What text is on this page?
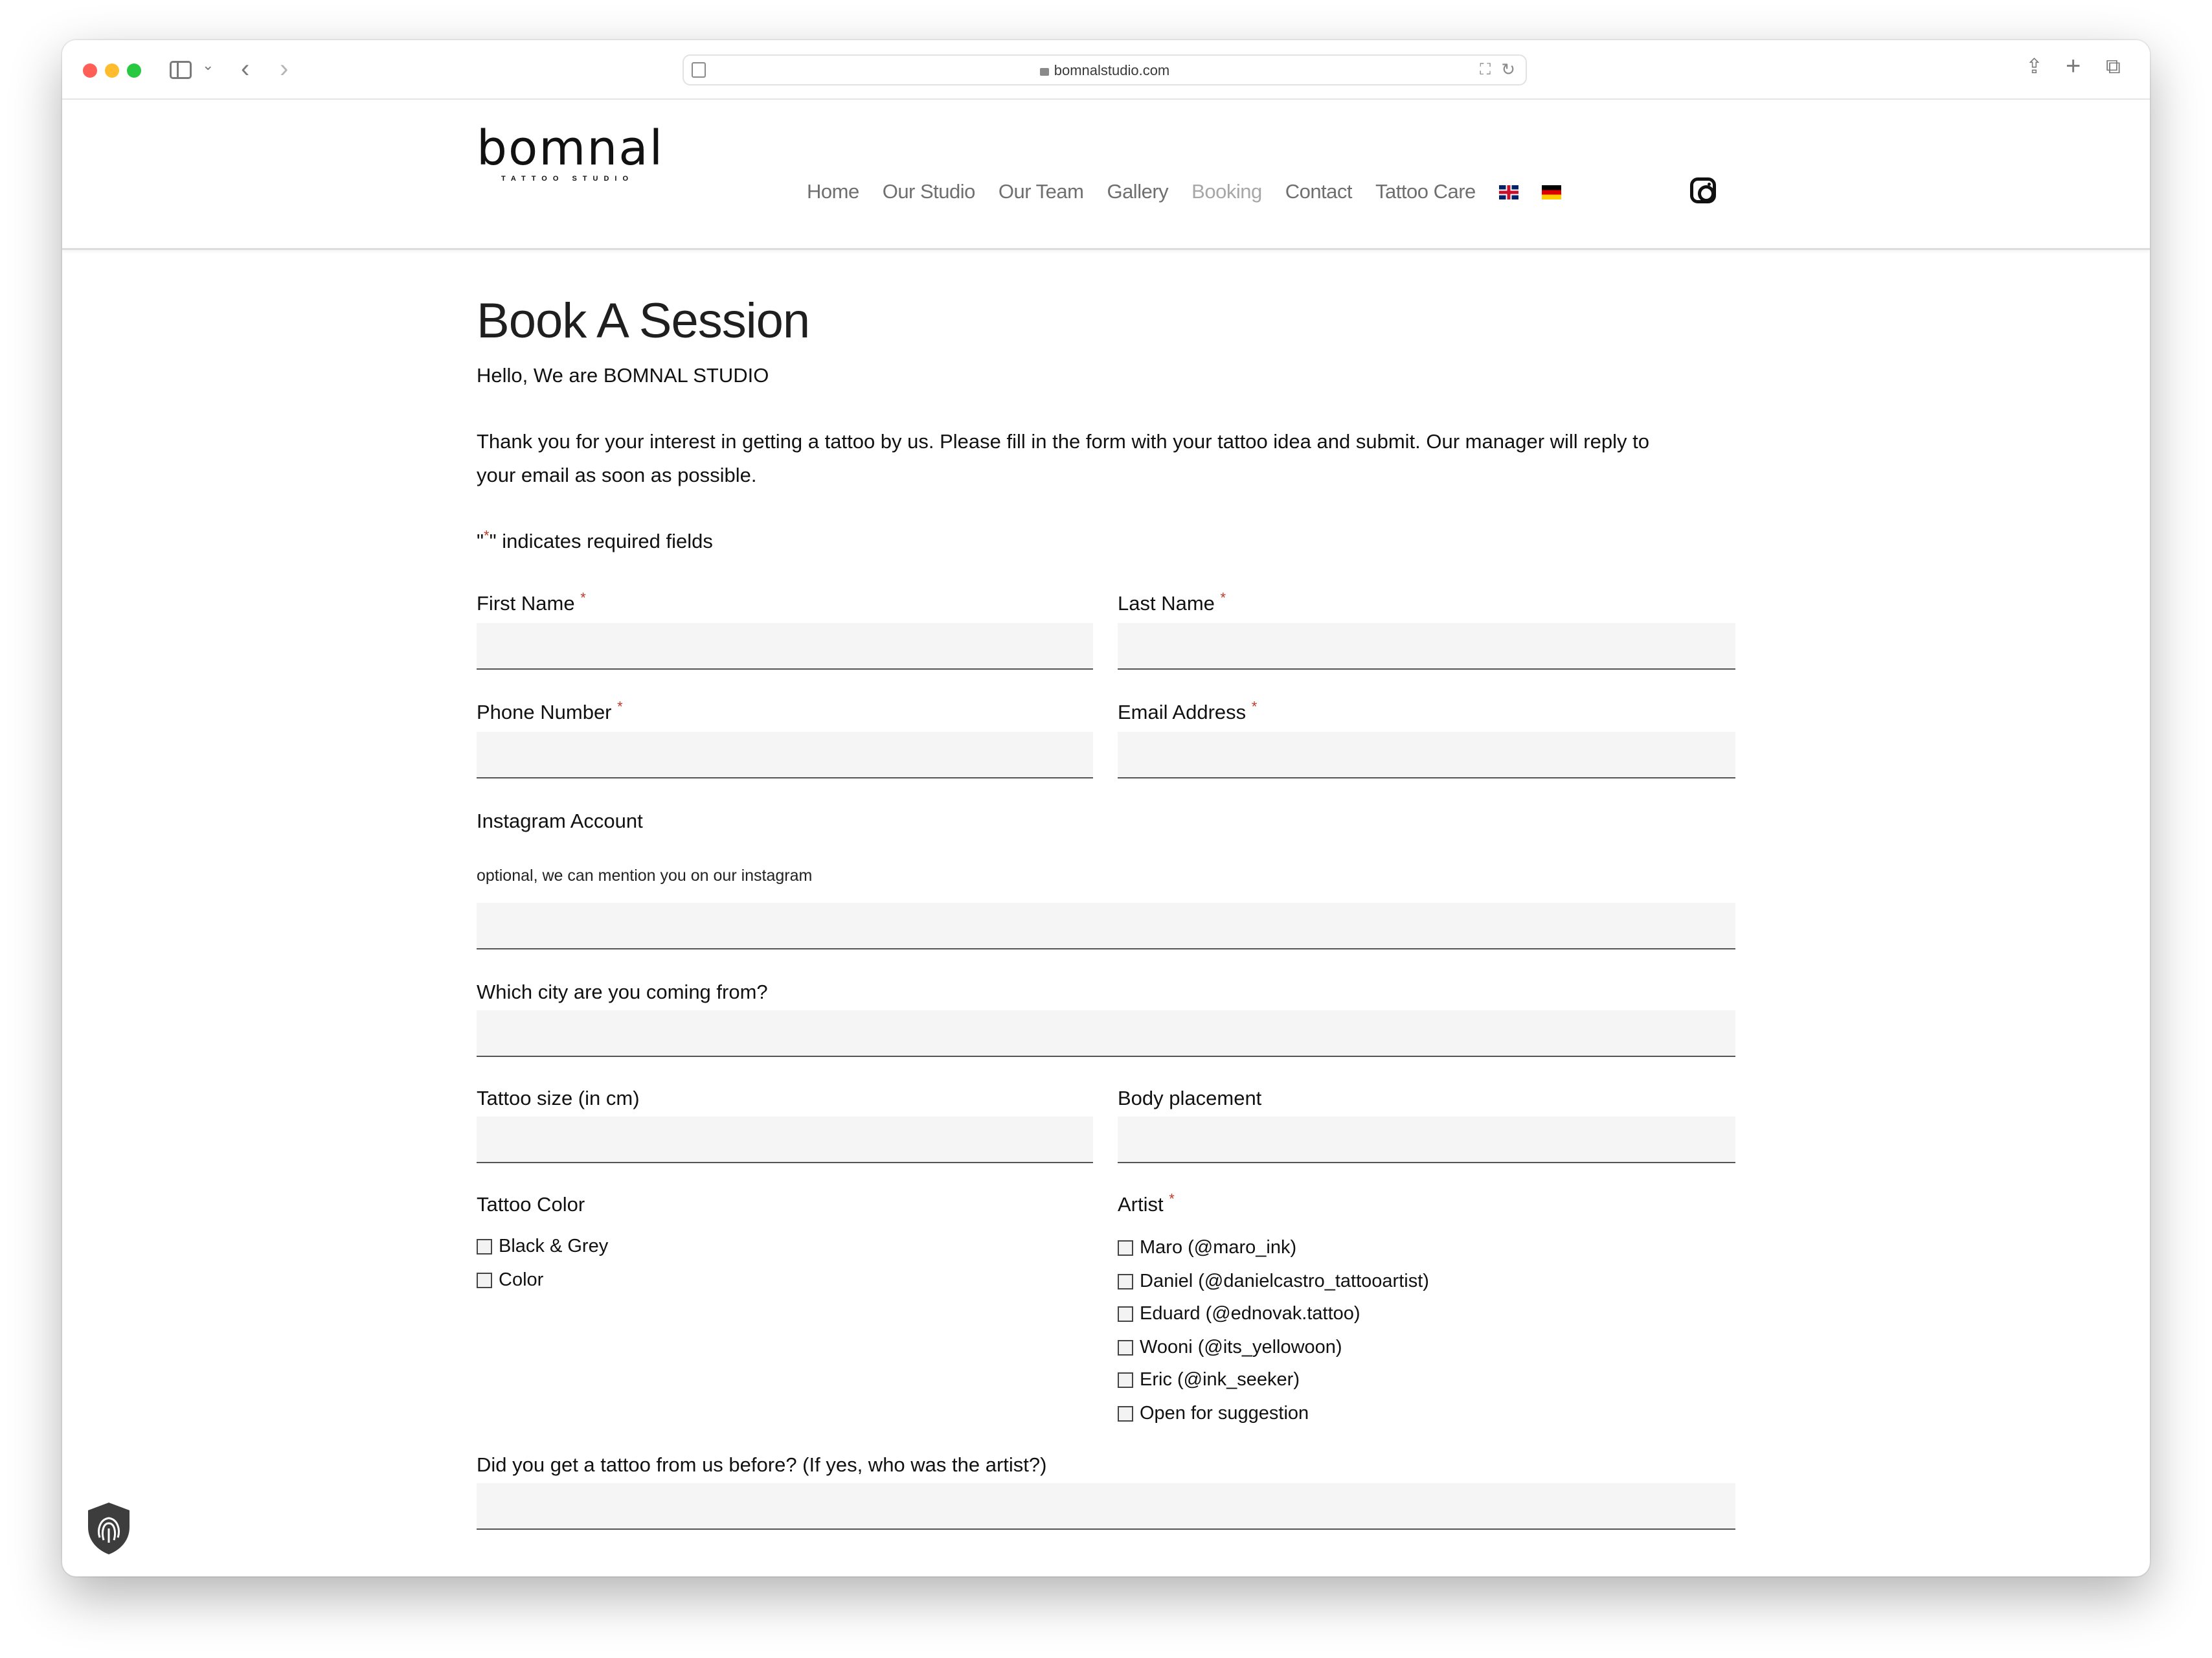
⌄ ‹ ›	bomnalstudio.com	⛶ ↻	⇪ + ⧉
bomnal
TATTOO STUDIO
Home Our Studio Our Team Gallery Booking Contact Tattoo Care
Book A Session

Hello, We are BOMNAL STUDIO

Thank you for your interest in getting a tattoo by us. Please fill in the form with your tattoo idea and submit. Our manager will reply to
your email as soon as possible.

"*" indicates required fields

First Name *	Last Name *
Phone Number *	Email Address *
Instagram Account
optional, we can mention you on our instagram
Which city are you coming from?
Tattoo size (in cm)	Body placement
Tattoo Color
Black & Grey
Color
Artist *
Maro (@maro_ink)
Daniel (@danielcastro_tattooartist)
Eduard (@ednovak.tattoo)
Wooni (@its_yellowoon)
Eric (@ink_seeker)
Open for suggestion
Did you get a tattoo from us before? (If yes, who was the artist?)
